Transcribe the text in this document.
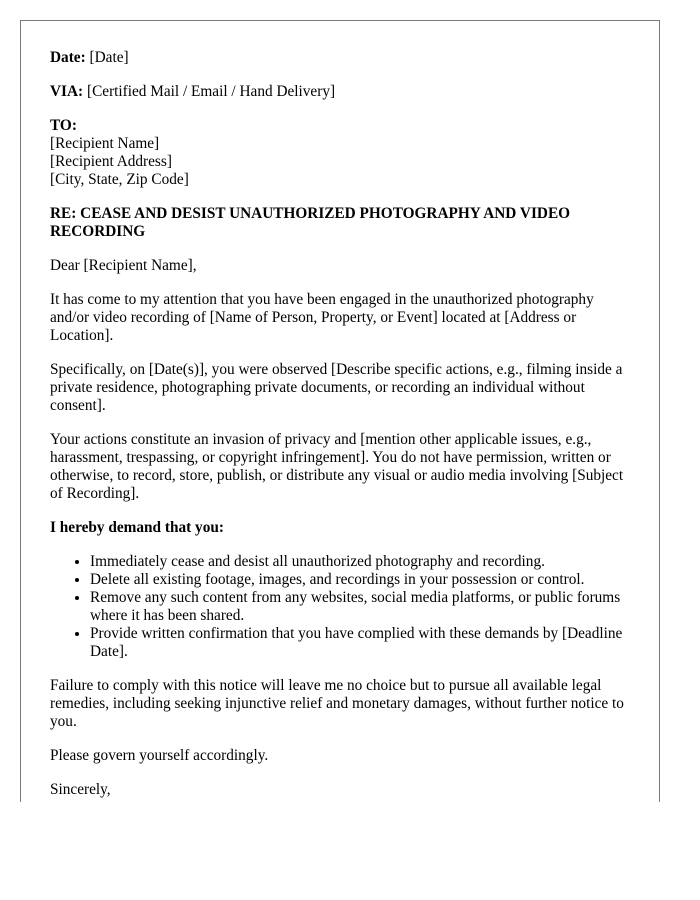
Date: [Date]

VIA: [Certified Mail / Email / Hand Delivery]

TO:
[Recipient Name]
[Recipient Address]
[City, State, Zip Code]

RE: CEASE AND DESIST UNAUTHORIZED PHOTOGRAPHY AND VIDEO RECORDING

Dear [Recipient Name],

It has come to my attention that you have been engaged in the unauthorized photography and/or video recording of [Name of Person, Property, or Event] located at [Address or Location].

Specifically, on [Date(s)], you were observed [Describe specific actions, e.g., filming inside a private residence, photographing private documents, or recording an individual without consent].

Your actions constitute an invasion of privacy and [mention other applicable issues, e.g., harassment, trespassing, or copyright infringement]. You do not have permission, written or otherwise, to record, store, publish, or distribute any visual or audio media involving [Subject of Recording].

I hereby demand that you:

• Immediately cease and desist all unauthorized photography and recording.
• Delete all existing footage, images, and recordings in your possession or control.
• Remove any such content from any websites, social media platforms, or public forums where it has been shared.
• Provide written confirmation that you have complied with these demands by [Deadline Date].

Failure to comply with this notice will leave me no choice but to pursue all available legal remedies, including seeking injunctive relief and monetary damages, without further notice to you.

Please govern yourself accordingly.

Sincerely,
